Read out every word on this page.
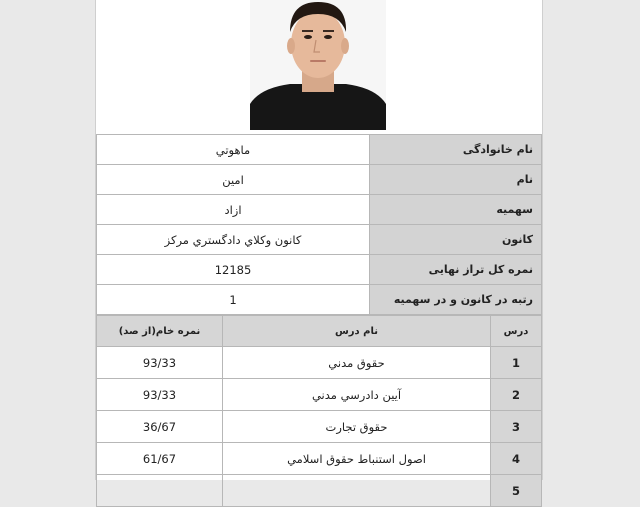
نام خانوادگی	ماهوتي
نام	امین
سهمیه	ازاد
كانون	كانون وكلاي دادگستري مركز
نمره کل تراز نهایی	12185
رتبه در كانون و در سهمیه	1
درس	نام درس	نمره خام(از صد)
1	حقوق مدني	93/33
2	آیین دادرسي مدني	93/33
3	حقوق تجارت	36/67
4	اصول استنباط حقوق اسلامي	61/67
5		
